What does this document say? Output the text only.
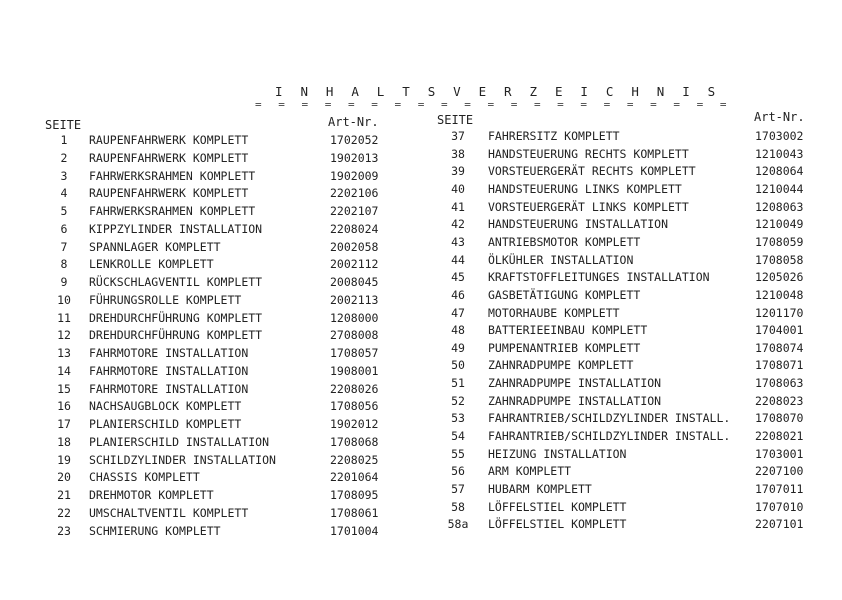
I N H A L T S V E R Z E I C H N I S
= = = = = = = = = = = = = = = = = = = = =
SEITE	Art-Nr.	SEITE	Art-Nr.
1	RAUPENFAHRWERK KOMPLETT	1702052
2	RAUPENFAHRWERK KOMPLETT	1902013
3	FAHRWERKSRAHMEN KOMPLETT	1902009
4	RAUPENFAHRWERK KOMPLETT	2202106
5	FAHRWERKSRAHMEN KOMPLETT	2202107
6	KIPPZYLINDER INSTALLATION	2208024
7	SPANNLAGER KOMPLETT	2002058
8	LENKROLLE KOMPLETT	2002112
9	RÜCKSCHLAGVENTIL KOMPLETT	2008045
10	FÜHRUNGSROLLE KOMPLETT	2002113
11	DREHDURCHFÜHRUNG KOMPLETT	1208000
12	DREHDURCHFÜHRUNG KOMPLETT	2708008
13	FAHRMOTORE INSTALLATION	1708057
14	FAHRMOTORE INSTALLATION	1908001
15	FAHRMOTORE INSTALLATION	2208026
16	NACHSAUGBLOCK KOMPLETT	1708056
17	PLANIERSCHILD KOMPLETT	1902012
18	PLANIERSCHILD INSTALLATION	1708068
19	SCHILDZYLINDER INSTALLATION	2208025
20	CHASSIS KOMPLETT	2201064
21	DREHMOTOR KOMPLETT	1708095
22	UMSCHALTVENTIL KOMPLETT	1708061
23	SCHMIERUNG KOMPLETT	1701004
37	FAHRERSITZ KOMPLETT	1703002
38	HANDSTEUERUNG RECHTS KOMPLETT	1210043
39	VORSTEUERGERÄT RECHTS KOMPLETT	1208064
40	HANDSTEUERUNG LINKS KOMPLETT	1210044
41	VORSTEUERGERÄT LINKS KOMPLETT	1208063
42	HANDSTEUERUNG INSTALLATION	1210049
43	ANTRIEBSMOTOR KOMPLETT	1708059
44	ÖLKÜHLER INSTALLATION	1708058
45	KRAFTSTOFFLEITUNGES INSTALLATION	1205026
46	GASBETÄTIGUNG KOMPLETT	1210048
47	MOTORHAUBE KOMPLETT	1201170
48	BATTERIEEINBAU KOMPLETT	1704001
49	PUMPENANTRIEB KOMPLETT	1708074
50	ZAHNRADPUMPE KOMPLETT	1708071
51	ZAHNRADPUMPE INSTALLATION	1708063
52	ZAHNRADPUMPE INSTALLATION	2208023
53	FAHRANTRIEB/SCHILDZYLINDER INSTALL. 1708070
54	FAHRANTRIEB/SCHILDZYLINDER INSTALL. 2208021
55	HEIZUNG INSTALLATION	1703001
56	ARM KOMPLETT	2207100
57	HUBARM KOMPLETT	1707011
58	LÖFFELSTIEL KOMPLETT	1707010
58a	LÖFFELSTIEL KOMPLETT	2207101
